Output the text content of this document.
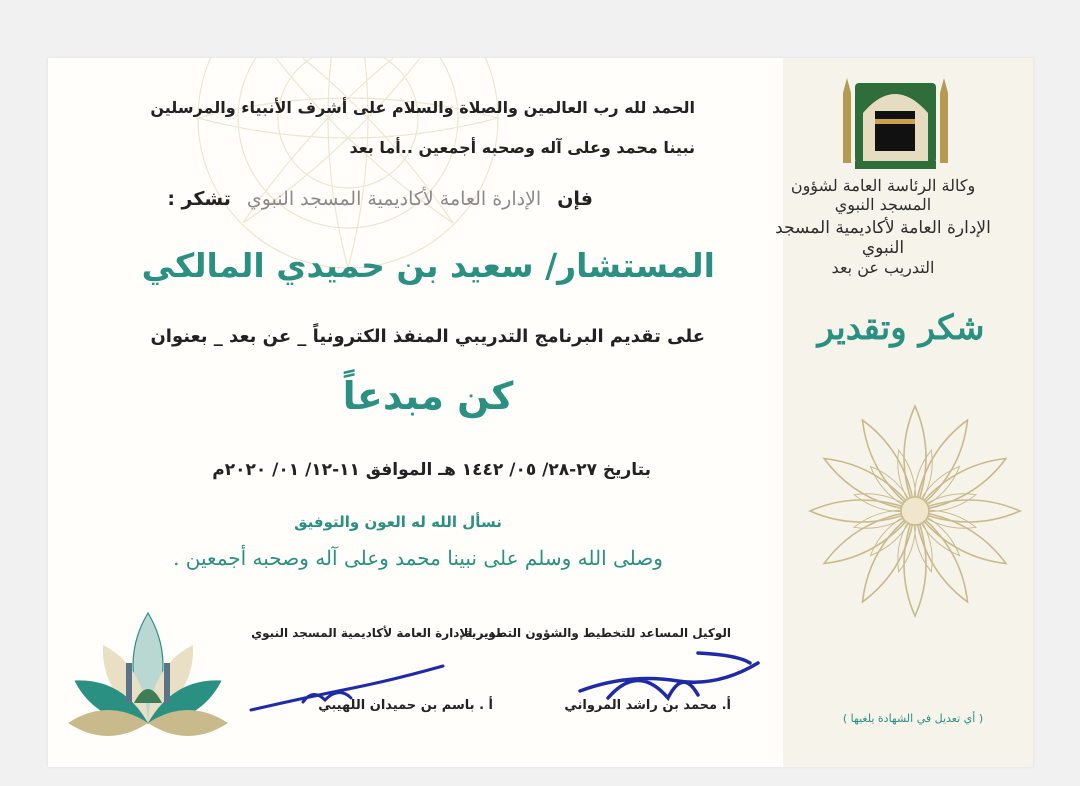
وكالة الرئاسة العامة لشؤون المسجد النبوي
الإدارة العامة لأكاديمية المسجد النبوي
التدريب عن بعد
شكر وتقدير
الحمد لله رب العالمين والصلاة والسلام على أشرف الأنبياء والمرسلين
نبينا محمد وعلى آله وصحبه أجمعين ..أما بعد
فإن
الإدارة العامة لأكاديمية المسجد النبوي
تشكر :
المستشار/ سعيد بن حميدي المالكي
على تقديم البرنامج التدريبي المنفذ الكترونياً _ عن بعد _ بعنوان
كن مبدعاً
بتاريخ ٢٧-٢٨/ ٠٥/ ١٤٤٢ هـ الموافق ١١-١٢/ ٠١/ ٢٠٢٠م
نسأل الله له العون والتوفيق
وصلى الله وسلم على نبينا محمد وعلى آله وصحبه أجمعين .
الوكيل المساعد للتخطيط والشؤون التطويرية
أ. محمد بن راشد المرواني
مدير الإدارة العامة لأكاديمية المسجد النبوي
أ . باسم بن حميدان اللهيبي
( أي تعديل في الشهادة يلغيها )
